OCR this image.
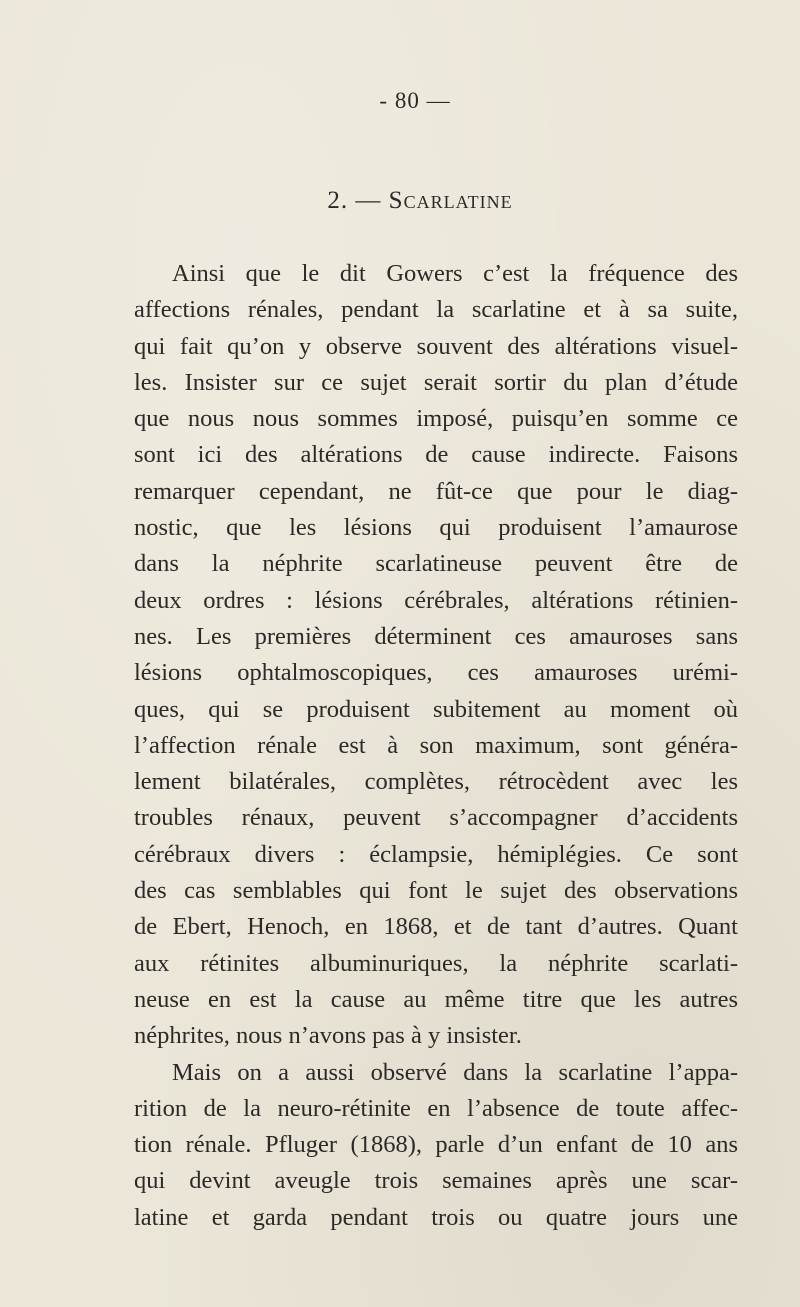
- 80 —
2. — Scarlatine
Ainsi que le dit Gowers c’est la fréquence des
affections rénales, pendant la scarlatine et à sa suite,
qui fait qu’on y observe souvent des altérations visuel-
les. Insister sur ce sujet serait sortir du plan d’étude
que nous nous sommes imposé, puisqu’en somme ce
sont ici des altérations de cause indirecte. Faisons
remarquer cependant, ne fût-ce que pour le diag-
nostic, que les lésions qui produisent l’amaurose
dans la néphrite scarlatineuse peuvent être de
deux ordres : lésions cérébrales, altérations rétinien-
nes. Les premières déterminent ces amauroses sans
lésions ophtalmoscopiques, ces amauroses urémi-
ques, qui se produisent subitement au moment où
l’affection rénale est à son maximum, sont généra-
lement bilatérales, complètes, rétrocèdent avec les
troubles rénaux, peuvent s’accompagner d’accidents
cérébraux divers : éclampsie, hémiplégies. Ce sont
des cas semblables qui font le sujet des observations
de Ebert, Henoch, en 1868, et de tant d’autres. Quant
aux rétinites albuminuriques, la néphrite scarlati-
neuse en est la cause au même titre que les autres
néphrites, nous n’avons pas à y insister.
Mais on a aussi observé dans la scarlatine l’appa-
rition de la neuro-rétinite en l’absence de toute affec-
tion rénale. Pfluger (1868), parle d’un enfant de 10 ans
qui devint aveugle trois semaines après une scar-
latine et garda pendant trois ou quatre jours une
